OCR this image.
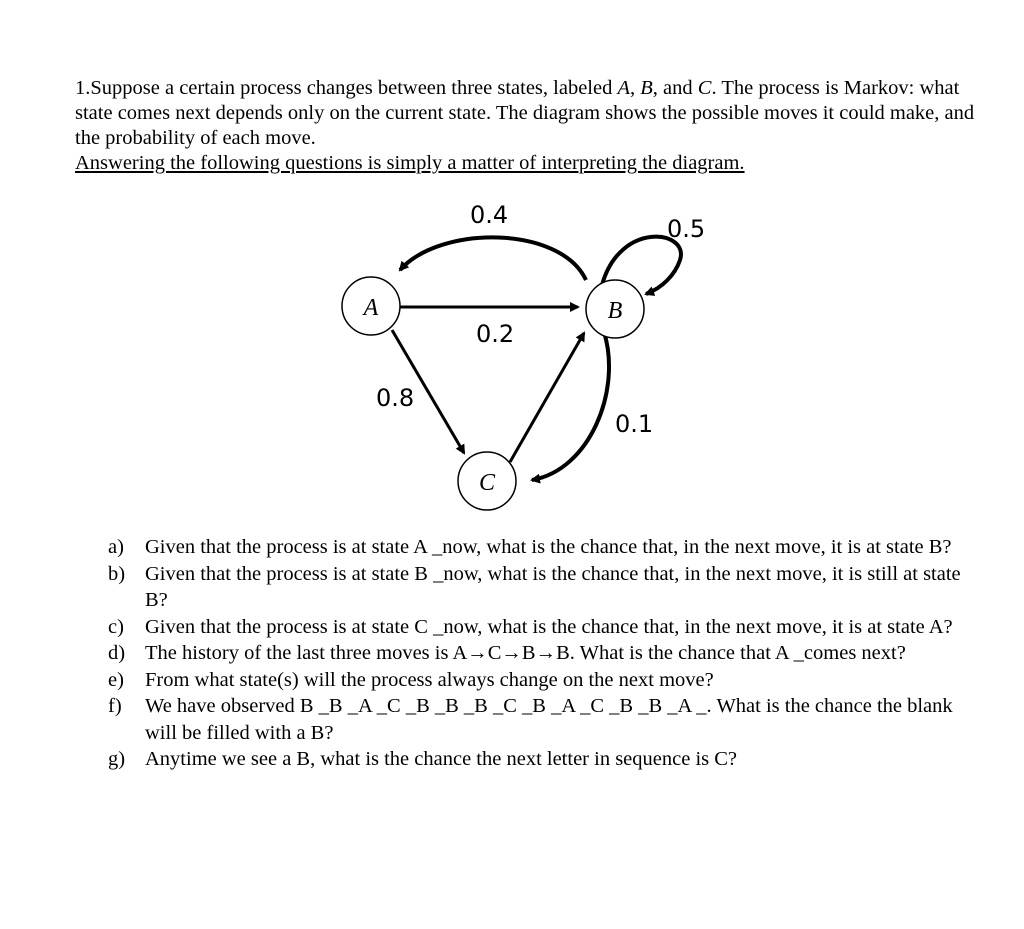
1.Suppose a certain process changes between three states, labeled A, B, and C. The process is Markov: what state comes next depends only on the current state. The diagram shows the possible moves it could make, and the probability of each move.

Answering the following questions is simply a matter of interpreting the diagram.

A	B
C
0.4	0.5
0.2
0.8
0.1
a)	Given that the process is at state A _now, what is the chance that, in the next move, it is at state B?
b) Given that the process is at state B _now, what is the chance that, in the next move, it is still at state B?
c)	Given that the process is at state C _now, what is the chance that, in the next move, it is at state A?
d) The history of the last three moves is A→C→B→B. What is the chance that A _comes next?
e)	From what state(s) will the process always change on the next move?
f)	We have observed B _B _A _C _B _B _B _C _B _A _C _B _B _A _. What is the chance the blank will be filled with a B?
g) Anytime we see a B, what is the chance the next letter in sequence is C?
